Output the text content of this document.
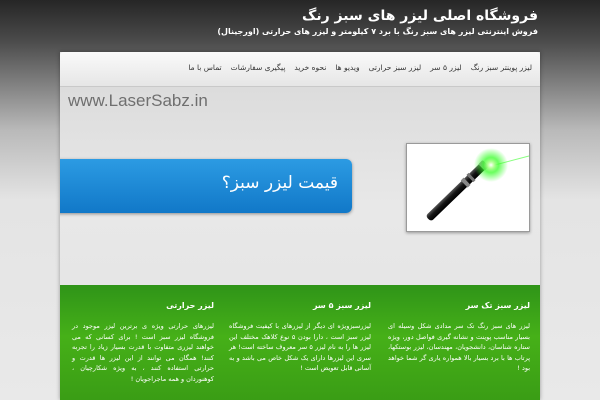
فروشگاه اصلی لیزر های سبز رنگ
فروش اینترنتی لیزر های سبز رنگ با برد ۷ کیلومتر و لیزر های حرارتی (اورجینال)
لیزر پوینتر سبز رنگ
لیزر ۵ سر
لیزر سبز حرارتی
ویدیو ها
نحوه خرید
پیگیری سفارشات
تماس با ما
www.LaserSabz.in
قیمت لیزر سبز؟
لیزر سبز تک سر

لیزر های سبز رنگ تک سر مدادی شکل وسیله ای بسیار مناسب پوینت و نشانه گیری فواصل دور، ویژه ستاره شناسان، دانشجویان، مهندسان، لیزر بوستکها، پرتاب ها با برد بسیار بالا همواره یاری گر شما خواهد بود !

لیزر سبز ۵ سر

لیزرسبزویژه ای دیگر از لیزرهای با کیفیت فروشگاه لیزر سبز است ، دارا بودن ۵ نوع کلاهک مختلف این لیزر ها را به نام لیزر ۵ سر معروف ساخته است! هر سری این لیزرها دارای یک شکل خاص می باشد و به آسانی قابل تعویض است !

لیزر حرارتی

لیزرهای حرارتی ویژه ی برترین لیزر موجود در فروشگاه لیزر سبز است ! برای کسانی که می خواهند لیزری متفاوت با قدرت بسیار زیاد را تجربه کنند! همگان می توانند از این لیزر ها قدرت و حرارتی استفاده کنند ، به ویژه شکارچیان ، کوهنوردان و همه ماجراجویان !
